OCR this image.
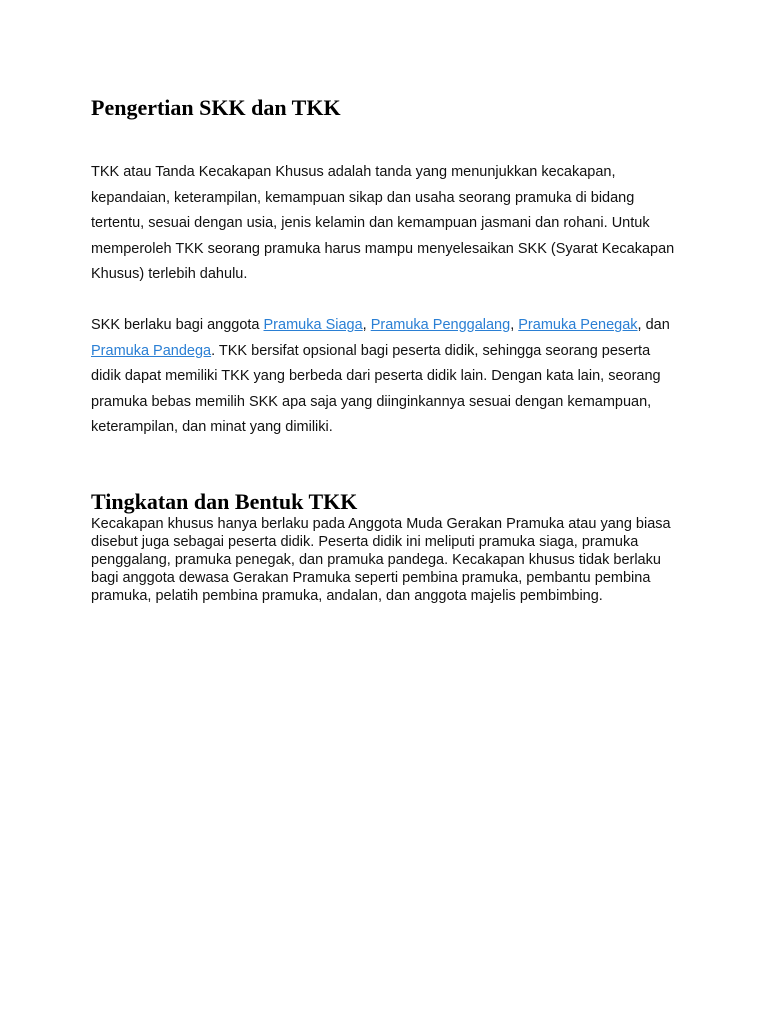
Pengertian SKK dan TKK

TKK atau Tanda Kecakapan Khusus adalah tanda yang menunjukkan kecakapan, kepandaian, keterampilan, kemampuan sikap dan usaha seorang pramuka di bidang tertentu, sesuai dengan usia, jenis kelamin dan kemampuan jasmani dan rohani. Untuk memperoleh TKK seorang pramuka harus mampu menyelesaikan SKK (Syarat Kecakapan Khusus) terlebih dahulu.

SKK berlaku bagi anggota Pramuka Siaga, Pramuka Penggalang, Pramuka Penegak, dan Pramuka Pandega. TKK bersifat opsional bagi peserta didik, sehingga seorang peserta didik dapat memiliki TKK yang berbeda dari peserta didik lain. Dengan kata lain, seorang pramuka bebas memilih SKK apa saja yang diinginkannya sesuai dengan kemampuan, keterampilan, dan minat yang dimiliki.

Tingkatan dan Bentuk TKK

Kecakapan khusus hanya berlaku pada Anggota Muda Gerakan Pramuka atau yang biasa disebut juga sebagai peserta didik. Peserta didik ini meliputi pramuka siaga, pramuka penggalang, pramuka penegak, dan pramuka pandega. Kecakapan khusus tidak berlaku bagi anggota dewasa Gerakan Pramuka seperti pembina pramuka, pembantu pembina pramuka, pelatih pembina pramuka, andalan, dan anggota majelis pembimbing.
